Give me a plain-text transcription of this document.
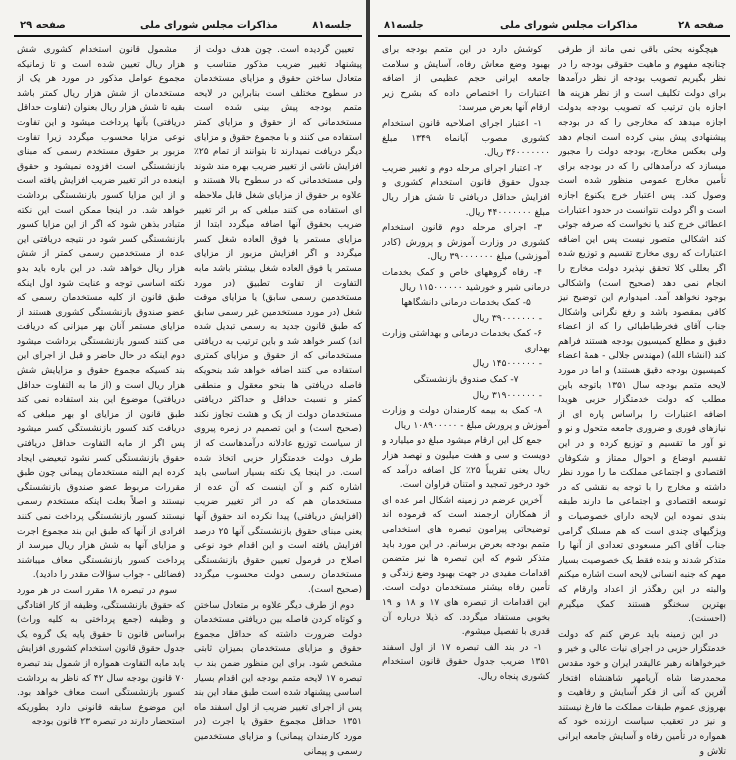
صفحه ۲۹	مذاکرات مجلس شورای ملی	جلسه۸۱

مشمول قانون استخدام کشوری شش هزار ریال تعیین شده است و تا زمانیکه مجموع عوامل مذکور در مورد هر یک از مستخدمان از شش هزار ریال کمتر باشد بقیه تا شش هزار ریال بعنوان (تفاوت حداقل دریافتی) بآنها پرداخت میشود و این تفاوت نوعی مزایا محسوب میگردد زیرا تفاوت مزبور بر حقوق مستخدم رسمی که مبنای بازنشستگی است افزوده نمیشود و حقوق اینعده در اثر تغییر ضریب افزایش یافته است و از این مزایا کسور بازنشستگی برداشت خواهد شد. در اینجا ممکن است این نکته متبادر بذهن شود که اگر از این مزایا کسور بازنشستگی کسر شود در نتیجه دریافتی این عده از مستخدمین رسمی کمتر از شش هزار ریال خواهد شد. در این باره باید بدو نکته اساسی توجه و عنایت شود اول اینکه طبق قانون از کلیه مستخدمان رسمی که عضو صندوق بازنشستگی کشوری هستند از مزایای مستمر آنان بهر میزانی که دریافت می کنند کسور بازنشستگی برداشت میشود دوم اینکه در حال حاضر و قبل از اجرای این بند کسیکه مجموع حقوق و مزایایش شش هزار ریال است و (از ما به التفاوت حداقل دریافتی) موضوع این بند استفاده نمی کند طبق قانون از مزایای او بهر مبلغی که دریافت کند کسور بازنشستگی کسر میشود پس اگر از مابه التفاوت حداقل دریافتی حقوق بازنشستگی کسر نشود تبعیضی ایجاد کرده ایم البته مستخدمان پیمانی چون طبق مقررات مربوط عضو صندوق بازنشستگی نیستند و اصلاً بعلت اینکه مستخدم رسمی نیستند کسور بازنشستگی پرداخت نمی کنند افرادی از آنها که طبق این بند مجموع اجرت و مزایای آنها به شش هزار ریال میرسد از پرداخت کسور بازنشستگی معاف میباشند (فضائلی - جواب سؤالات مقدر را دادید).

سوم در تبصره ۱۸ مقرر است در هر مورد که حقوق بازنشستگی، وظیفه از کار افتادگی و وظیفه (جمع پرداختی به کلیه وراث) براساس قانون تا حقوق پایه یک گروه یک جدول حقوق قانون استخدام کشوری افزایش یابد مابه التفاوت همواره از شمول بند تبصره ۷۰ قانون بودجه سال ۴۲ که ناظر به برداشت کسور بازنشستگی است معاف خواهد بود. این موضوع سابقه قانونی دارد بطوریکه استحضار دارند در تبصره ۲۳ قانون بودجه

تعیین گردیده است. چون هدف دولت از پیشنهاد تغییر ضریب مذکور متناسب و متعادل ساختن حقوق و مزایای مستخدمان در سطوح مختلف است بنابراین در لایحه متمم بودجه پیش بینی شده است مستخدمانی که از حقوق و مزایای کمتر استفاده می کنند و با مجموع حقوق و مزایای دیگر دریافت نمیدارند تا بتوانند از تمام ۲۵٪ افزایش ناشی از تغییر ضریب بهره مند شوند ولی مستخدمانی که در سطوح بالا هستند و علاوه بر حقوق از مزایای شغل قابل ملاحظه ای استفاده می کنند مبلغی که بر اثر تغییر ضریب بحقوق آنها اضافه میگردد ابتدا از مزایای مستمر یا فوق العاده شغل کسر میگردد و اگر افزایش مزبور از مزایای مستمر یا فوق العاده شغل بیشتر باشد مابه التفاوت از تفاوت تطبیق (در مورد مستخدمین رسمی سابق) یا مزایای موقت شغل (در مورد مستخدمین غیر رسمی سابق که طبق قانون جدید به رسمی تبدیل شده اند) کسر خواهد شد و باین ترتیب به دریافتی مستخدمانی که از حقوق و مزایای کمتری استفاده می کنند اضافه خواهد شد بنحویکه فاصله دریافتی ها بنحو معقول و منطقی کمتر و نسبت حداقل و حداکثر دریافتی مستخدمان دولت از یک و هشت تجاوز نکند (صحیح است) و این تصمیم در زمره پیروی از سیاست توزیع عادلانه درآمدهاست که از طرف دولت خدمتگزار حزبی اتخاذ شده است. در اینجا یک نکته بسیار اساسی باید اشاره کنم و آن اینست که آن عده از مستخدمان هم که در اثر تغییر ضریب (افزایش دریافتی) پیدا نکرده اند حقوق آنها یعنی مبنای حقوق بازنشستگی آنها ۲۵ درصد افزایش یافته است و این اقدام خود نوعی اصلاح در فرمول تعیین حقوق بازنشستگی مستخدمان رسمی دولت محسوب میگردد (صحیح است).

دوم از طرف دیگر علاوه بر متعادل ساختن و کوتاه کردن فاصله بین دریافتی مستخدمان دولت ضرورت داشته که حداقل مجموع حقوق و مزایای مستخدمان بمیزان ثابتی مشخص شود. برای این منظور ضمن بند ب تبصره ۱۷ لایحه متمم بودجه این اقدام بسیار اساسی پیشنهاد شده است طبق مفاد این بند پس از اجرای تغییر ضریب از اول اسفند ماه ۱۳۵۱ حداقل مجموع حقوق یا اجرت (در مورد کارمندان پیمانی) و مزایای مستخدمین رسمی و پیمانی

جلسه۸۱	مذاکرات مجلس شورای ملی	صفحه ۲۸

کوشش دارد در این متمم بودجه برای بهبود وضع معاش رفاه، آسایش و سلامت جامعه ایرانی حجم عظیمی از اضافه اعتبارات را اختصاص داده که بشرح زیر ارقام آنها بعرض میرسد:

۱- اعتبار اجرای اصلاحیه قانون استخدام کشوری مصوب آبانماه ۱۳۴۹ مبلغ ۳۶۰۰۰۰۰۰۰ ریال.

۲- اعتبار اجرای مرحله دوم و تغییر ضریب جدول حقوق قانون استخدام کشوری و افزایش حداقل دریافتی تا شش هزار ریال مبلغ ۴۴۰۰۰۰۰۰۰ ریال.

۳- اجرای مرحله دوم قانون استخدام کشوری در وزارت آموزش و پرورش (کادر آموزشی) مبلغ ۳۹۰۰۰۰۰۰۰ ریال.

۴- رفاه گروههای خاص و کمک بخدمات درمانی شیر و خورشید ۱۱۵۰۰۰۰۰۰ ریال

۵- کمک بخدمات درمانی دانشگاهها

- ۳۹۰۰۰۰۰۰۰ ریال

۶- کمک بخدمات درمانی و بهداشتی وزارت بهداری

- ۱۴۵۰۰۰۰۰۰ ریال

۷- کمک صندوق بازنشستگی

- ۳۱۹۰۰۰۰۰۰ ریال

۸- کمک به بیمه کارمندان دولت و وزارت آموزش و پرورش مبلغ - ۱۰۸۹۰۰۰۰۰ ریال

جمع کل این ارقام میشود مبلغ دو میلیارد و دویست و سی و هفت میلیون و نهصد هزار ریال یعنی تقریباً ۲۵٪ کل اضافه درآمد که خود درخور تمجید و امتنان فراوان است.

آخرین عرضم در زمینه اشکال امر عده ای از همکاران ارجمند است که فرموده اند توضیحاتی پیرامون تبصره های استخدامی متمم بودجه بعرض برسانم. در این مورد باید متذکر شوم که این تبصره ها نیز متضمن اقدامات مفیدی در جهت بهبود وضع زندگی و تأمین رفاه بیشتر مستخدمان دولت است. این اقدامات از تبصره های ۱۷ و ۱۸ و ۱۹ بخوبی مستفاد میگردد. که ذیلا درباره آن قدری با تفصیل میشوم.

۱- در بند الف تبصره ۱۷ از اول اسفند ۱۳۵۱ ضریب جدول حقوق قانون استخدام کشوری پنجاه ریال.

هیچگونه بحثی باقی نمی ماند از طرفی چنانچه مفهوم و ماهیت حقوقی بودجه را در نظر بگیریم تصویب بودجه از نظر درآمدها برای دولت تکلیف است و از نظر هزینه ها اجازه بان ترتیب که تصویب بودجه بدولت اجازه میدهد که مخارجی را که در بودجه پیشنهادی پیش بینی کرده است انجام دهد ولی بعکس مخارج، بودجه دولت را مجبور میسازد که درآمدهائی را که در بودجه برای تأمین مخارج عمومی منظور شده است وصول کند. پس اعتبار خرج یکنوع اجازه است و اگر دولت نتوانست در حدود اعتبارات اعطائی خرج کند یا نخواست که صرفه جوئی کند اشکالی متصور نیست پس این اضافه اعتبارات که روی مخارج تقسیم و توزیع شده اگر بعللی کلا تحقق نپذیرد دولت مخارج را انجام نمی دهد (صحیح است) واشکالی بوجود نخواهد آمد. امیدوارم این توضیح نیز کافی بمقصود باشد و رفع نگرانی واشکال جناب آقای فخرطباطبائی را که از اعضاء دقیق و مطلع کمیسیون بودجه هستند فراهم کند (انشاء الله) (مهندس جلالی - همهٔ اعضاء کمیسیون بودجه دقیق هستند) و اما در مورد لایحه متمم بودجه سال ۱۳۵۱ باتوجه باین مطلب که دولت خدمتگزار حزبی هویدا اضافه اعتبارات را براساس پاره ای از نیازهای فوری و ضروری جامعه متحول و نو و نو آور ما تقسیم و توزیع کرده و در این تقسیم اوضاع و احوال ممتاز و شکوفان اقتصادی و اجتماعی مملکت ما را مورد نظر داشته و مخارج را با توجه به نقشی که در توسعه اقتصادی و اجتماعی ما دارند طبقه بندی نموده این لایحه دارای خصوصیات و ویژگیهای چندی است که هم مسلک گرامی جناب آقای اکبر مسعودی تعدادی از آنها را متذکر شدند و بنده فقط یک خصوصیت بسیار مهم که جنبه انسانی لایحه است اشاره میکنم والبته در این رهگذر از اعداد وارقام که بهترین سخنگو هستند کمک میگیرم (احسنت).

در این زمینه باید عرض کنم که دولت خدمتگزار حزبی در اجرای نیات عالی و خیر و خیرخواهانه رهبر عالیقدر ایران و خود مقدس محمدرضا شاه آریامهر شاهنشاه افتخار آفرین که آنی از فکر آسایش و رفاهیت و بهروزی عموم طبقات مملکت ما فارغ نیستند و نیز در تعقیب سیاست ارزنده خود که همواره در تأمین رفاه و آسایش جامعه ایرانی تلاش و
